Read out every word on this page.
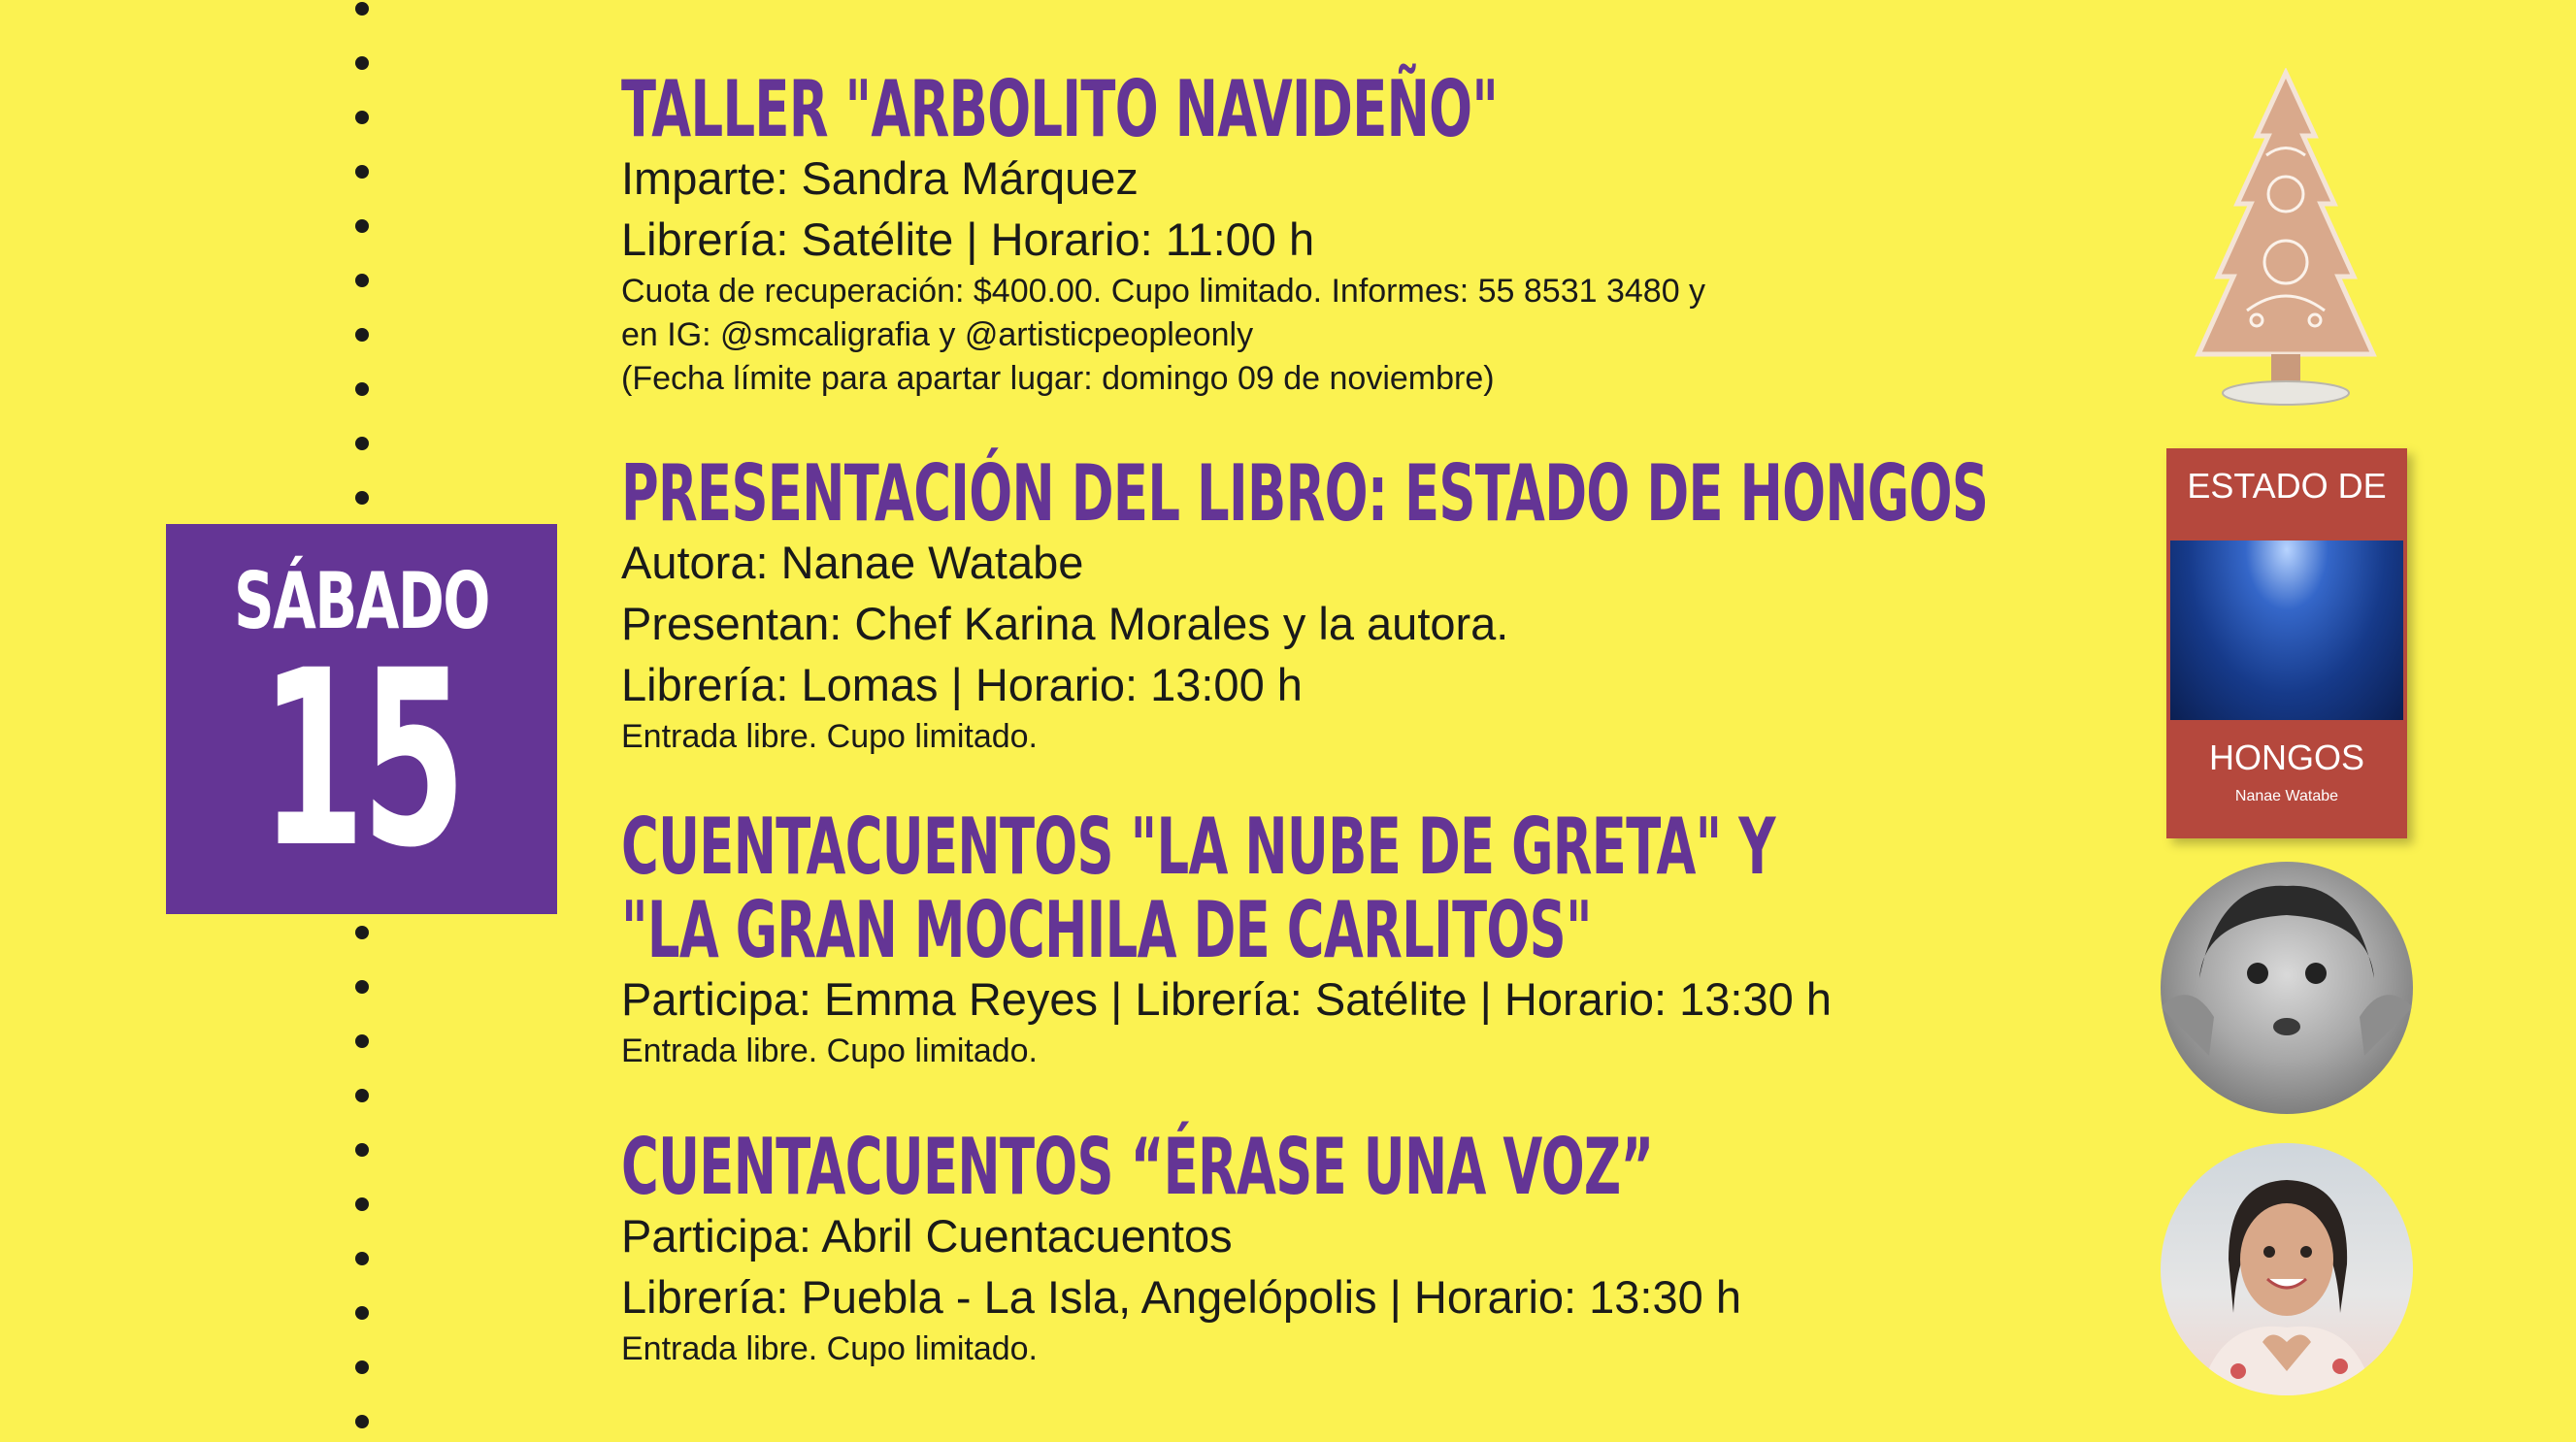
SÁBADO
15

TALLER "ARBOLITO NAVIDEÑO"

Imparte: Sandra Márquez

Librería: Satélite | Horario: 11:00 h

Cuota de recuperación: $400.00. Cupo limitado. Informes: 55 8531 3480 y

en IG: @smcaligrafia y @artisticpeopleonly

(Fecha límite para apartar lugar: domingo 09 de noviembre)

PRESENTACIÓN DEL LIBRO: ESTADO DE HONGOS

Autora: Nanae Watabe

Presentan: Chef Karina Morales y la autora.

Librería: Lomas | Horario: 13:00 h

Entrada libre. Cupo limitado.

CUENTACUENTOS "LA NUBE DE GRETA" Y

"LA GRAN MOCHILA DE CARLITOS"

Participa: Emma Reyes | Librería: Satélite | Horario: 13:30 h

Entrada libre. Cupo limitado.

CUENTACUENTOS “ÉRASE UNA VOZ”

Participa: Abril Cuentacuentos

Librería: Puebla - La Isla, Angelópolis | Horario: 13:30 h

Entrada libre. Cupo limitado.

ESTADO DE
HONGOS
Nanae Watabe
